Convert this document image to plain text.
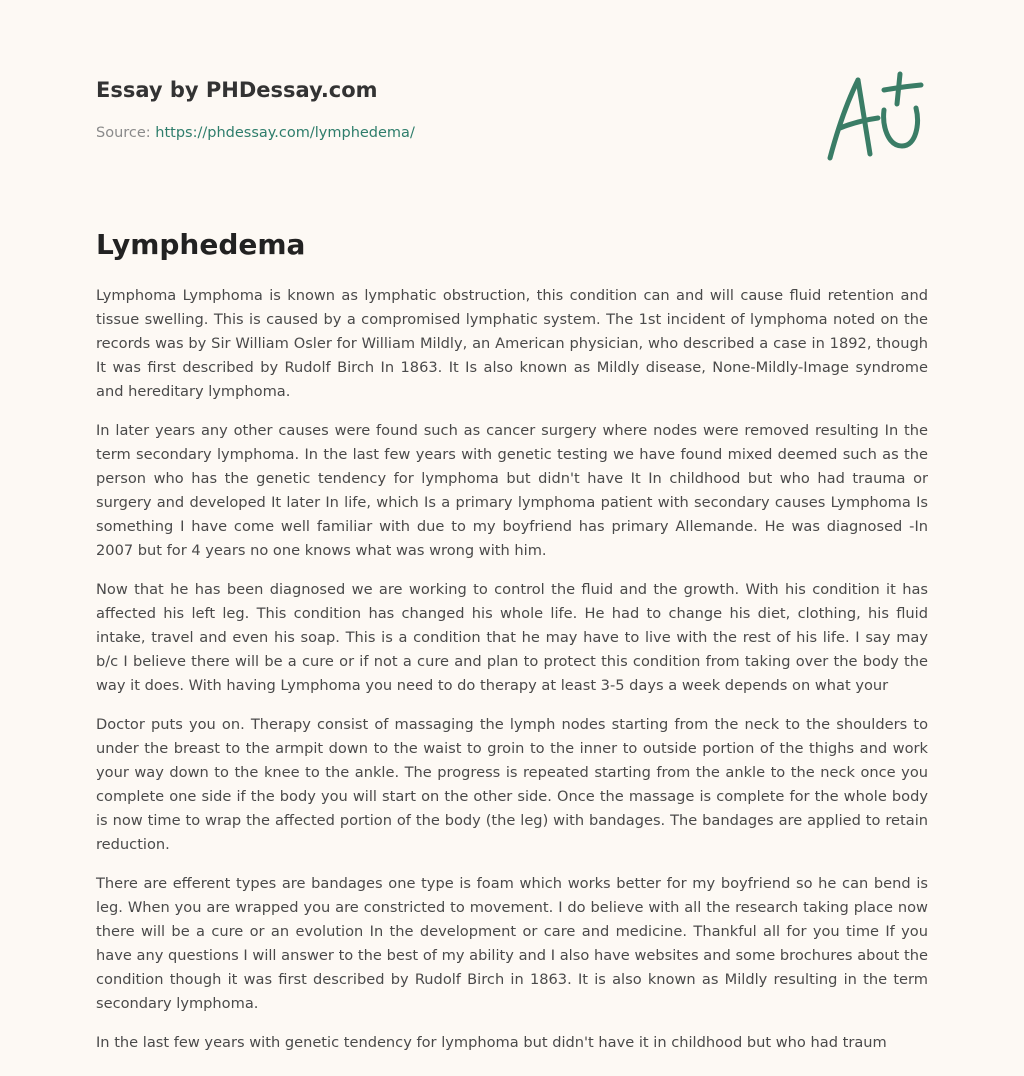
Essay by PHDessay.com
Source: https://phdessay.com/lymphedema/
Lymphedema

Lymphoma Lymphoma is known as lymphatic obstruction, this condition can and will cause fluid retention and tissue swelling. This is caused by a compromised lymphatic system. The 1st incident of lymphoma noted on the records was by Sir William Osler for William Mildly, an American physician, who described a case in 1892, though It was first described by Rudolf Birch In 1863. It Is also known as Mildly disease, None-Mildly-Image syndrome and hereditary lymphoma.

In later years any other causes were found such as cancer surgery where nodes were removed resulting In the term secondary lymphoma. In the last few years with genetic testing we have found mixed deemed such as the person who has the genetic tendency for lymphoma but didn't have It In childhood but who had trauma or surgery and developed It later In life, which Is a primary lymphoma patient with secondary causes Lymphoma Is something I have come well familiar with due to my boyfriend has primary Allemande. He was diagnosed -In 2007 but for 4 years no one knows what was wrong with him.

Now that he has been diagnosed we are working to control the fluid and the growth. With his condition it has affected his left leg. This condition has changed his whole life. He had to change his diet, clothing, his fluid intake, travel and even his soap. This is a condition that he may have to live with the rest of his life. I say may b/c I believe there will be a cure or if not a cure and plan to protect this condition from taking over the body the way it does. With having Lymphoma you need to do therapy at least 3-5 days a week depends on what your

Doctor puts you on. Therapy consist of massaging the lymph nodes starting from the neck to the shoulders to under the breast to the armpit down to the waist to groin to the inner to outside portion of the thighs and work your way down to the knee to the ankle. The progress is repeated starting from the ankle to the neck once you complete one side if the body you will start on the other side. Once the massage is complete for the whole body is now time to wrap the affected portion of the body (the leg) with bandages. The bandages are applied to retain reduction.

There are efferent types are bandages one type is foam which works better for my boyfriend so he can bend is leg. When you are wrapped you are constricted to movement. I do believe with all the research taking place now there will be a cure or an evolution In the development or care and medicine. Thankful all for you time If you have any questions I will answer to the best of my ability and I also have websites and some brochures about the condition though it was first described by Rudolf Birch in 1863. It is also known as Mildly resulting in the term secondary lymphoma.

In the last few years with genetic tendency for lymphoma but didn't have it in childhood but who had traum
